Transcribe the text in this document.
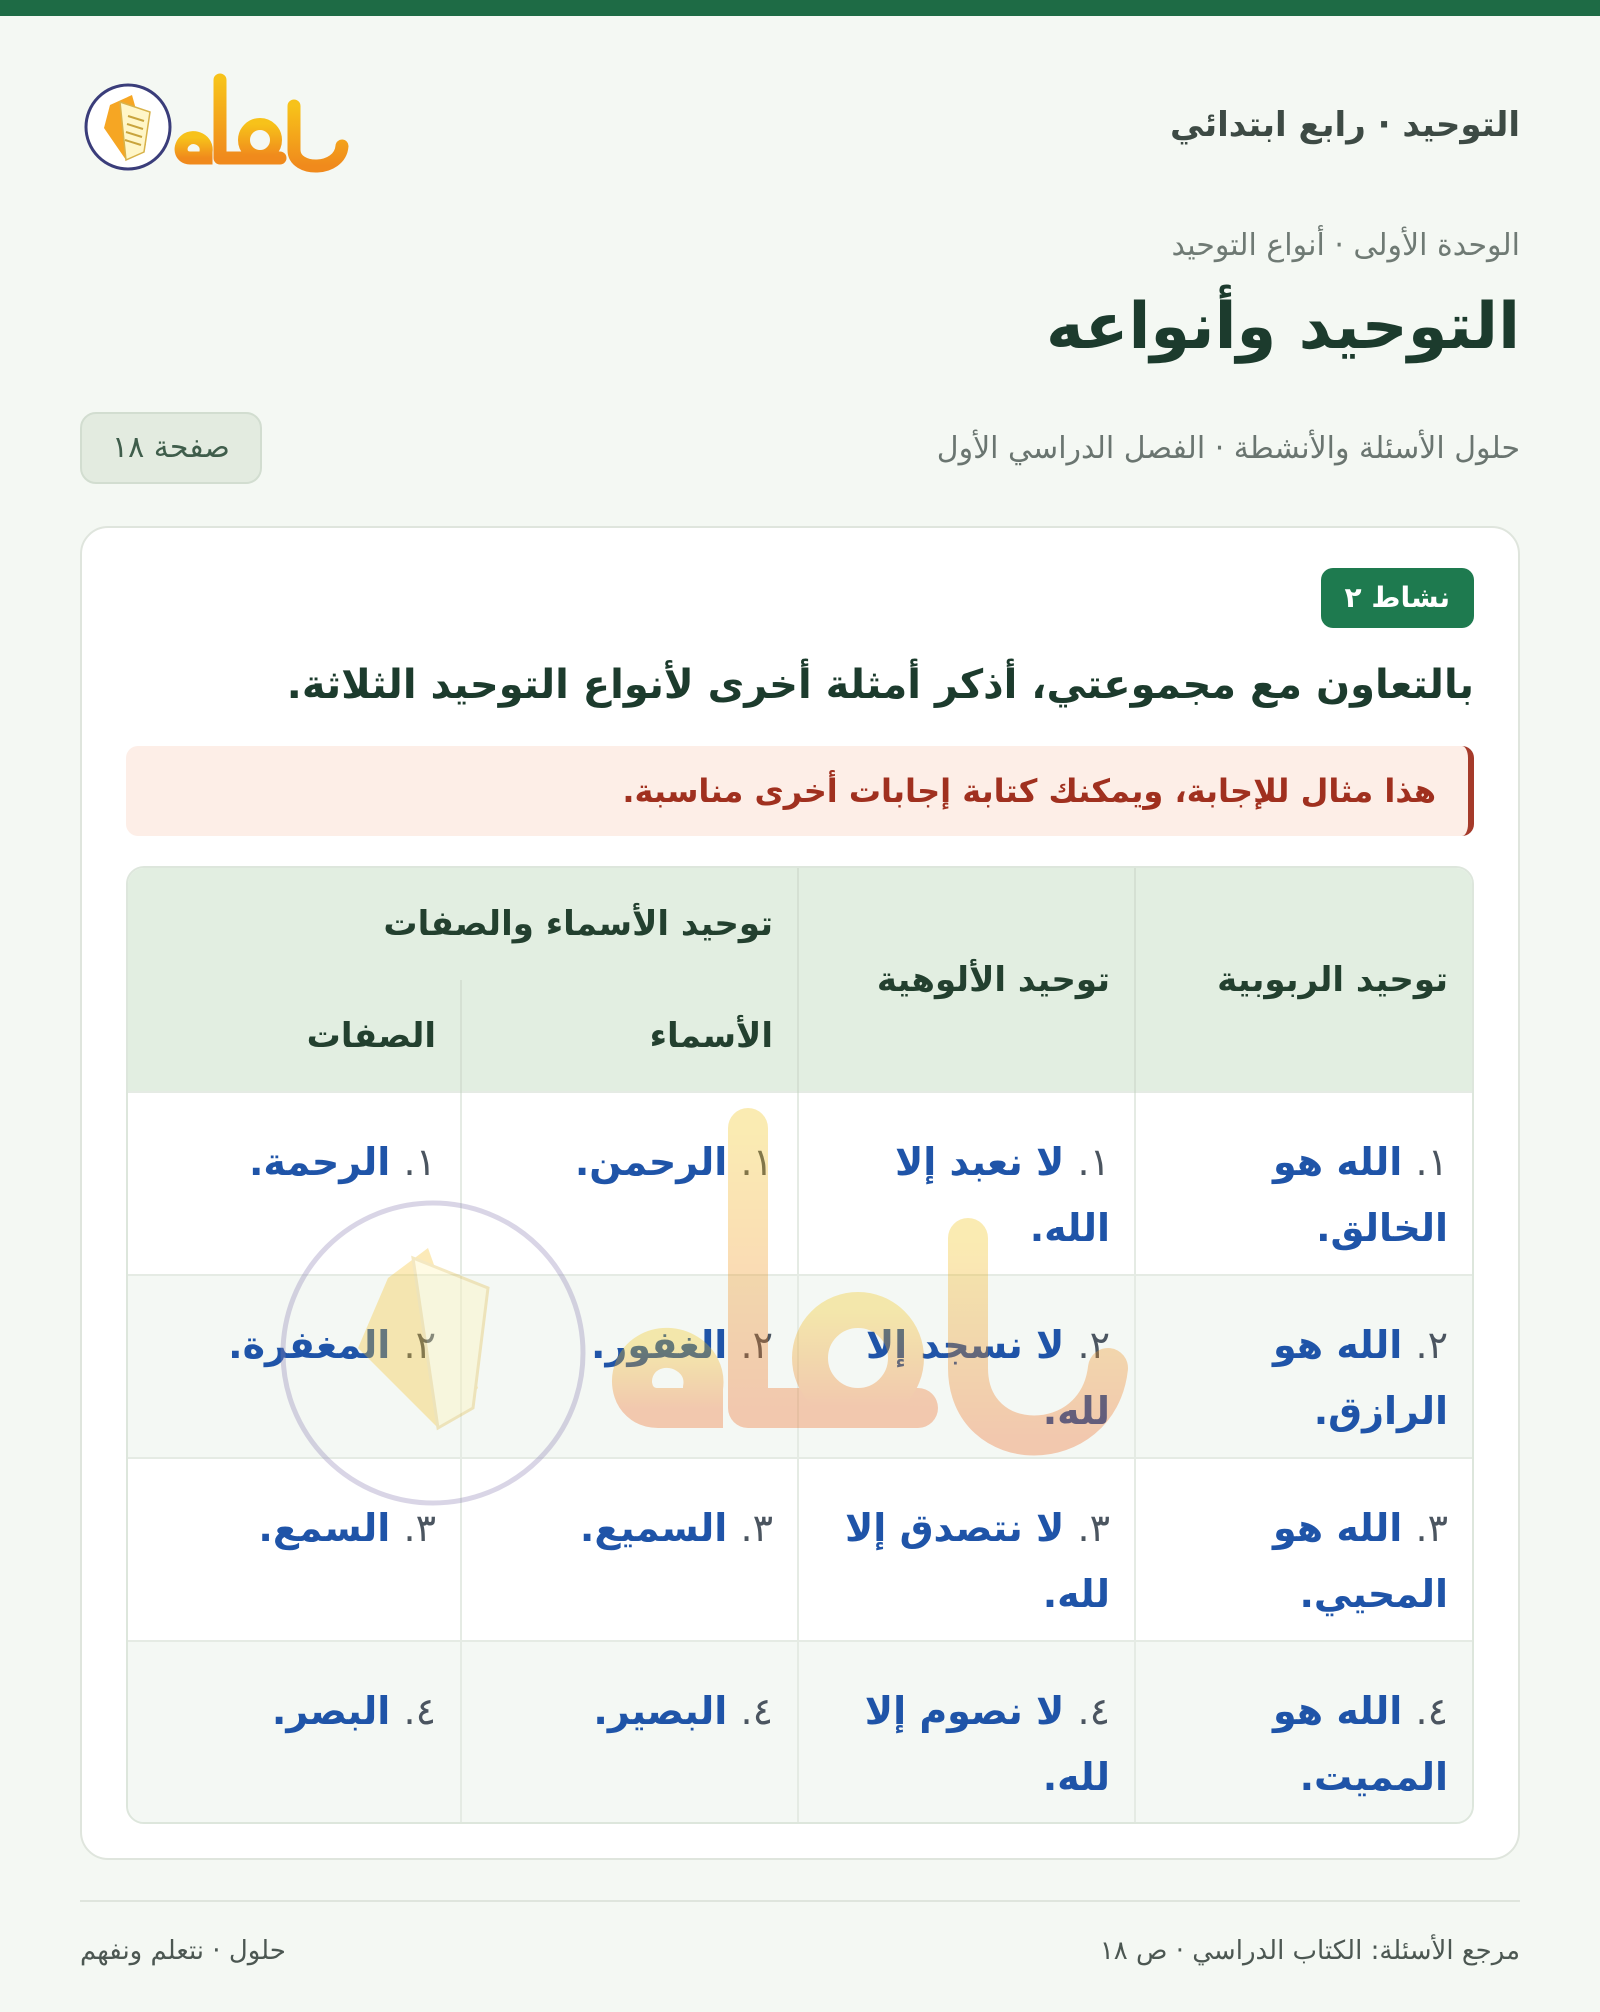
التوحيد · رابع ابتدائي
الوحدة الأولى · أنواع التوحيد
التوحيد وأنواعه
حلول الأسئلة والأنشطة · الفصل الدراسي الأول
صفحة ١٨
نشاط ٢
بالتعاون مع مجموعتي، أذكر أمثلة أخرى لأنواع التوحيد الثلاثة.
هذا مثال للإجابة، ويمكنك كتابة إجابات أخرى مناسبة.
توحيد الربوبية	توحيد الألوهية	توحيد الأسماء والصفات	
		الأسماء	الصفات
١. الله هو الخالق.	١. لا نعبد إلا الله.	١. الرحمن.	١. الرحمة.
٢. الله هو الرازق.	٢. لا نسجد إلا لله.	٢. الغفور.	٢. المغفرة.
٣. الله هو المحيي.	٣. لا نتصدق إلا لله.	٣. السميع.	٣. السمع.
٤. الله هو المميت.	٤. لا نصوم إلا لله.	٤. البصير.	٤. البصر.
مرجع الأسئلة: الكتاب الدراسي · ص ١٨
حلول · نتعلم ونفهم
